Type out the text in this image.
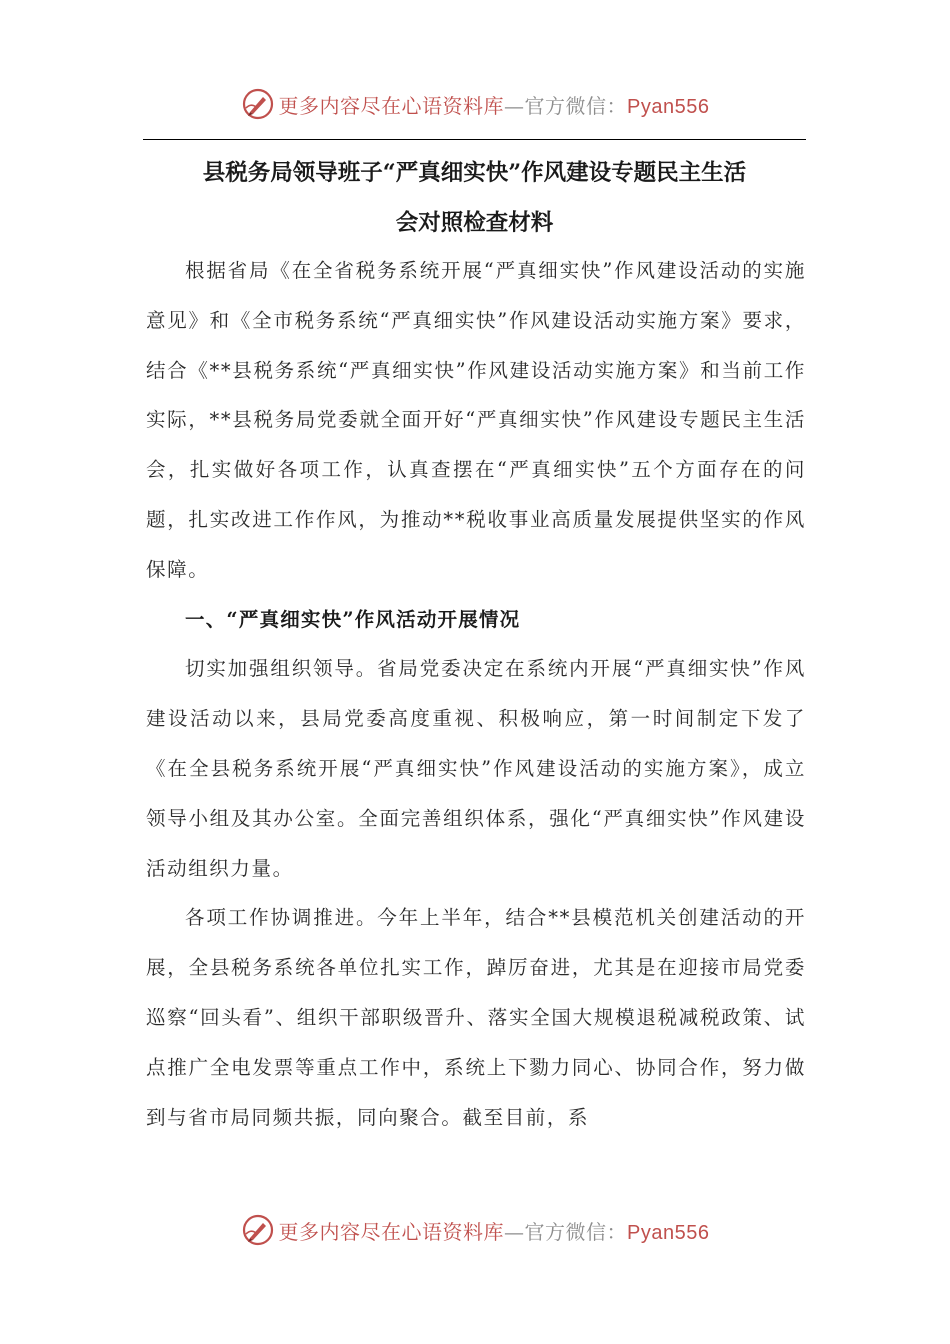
更多内容尽在心语资料库—官方微信：Pyan556
县税务局领导班子“严真细实快”作风建设专题民主生活
会对照检查材料

根据省局《在全省税务系统开展“严真细实快”作风建设活动的实施意见》和《全市税务系统“严真细实快”作风建设活动实施方案》要求，结合《**县税务系统“严真细实快”作风建设活动实施方案》和当前工作实际，**县税务局党委就全面开好“严真细实快”作风建设专题民主生活会，扎实做好各项工作，认真查摆在“严真细实快”五个方面存在的问题，扎实改进工作作风，为推动**税收事业高质量发展提供坚实的作风保障。

一、“严真细实快”作风活动开展情况

切实加强组织领导。省局党委决定在系统内开展“严真细实快”作风建设活动以来，县局党委高度重视、积极响应，第一时间制定下发了《在全县税务系统开展“严真细实快”作风建设活动的实施方案》，成立领导小组及其办公室。全面完善组织体系，强化“严真细实快”作风建设活动组织力量。

各项工作协调推进。今年上半年，结合**县模范机关创建活动的开展，全县税务系统各单位扎实工作，踔厉奋进，尤其是在迎接市局党委巡察“回头看”、组织干部职级晋升、落实全国大规模退税减税政策、试点推广全电发票等重点工作中，系统上下勠力同心、协同合作，努力做到与省市局同频共振，同向聚合。截至目前，系

更多内容尽在心语资料库—官方微信：Pyan556
